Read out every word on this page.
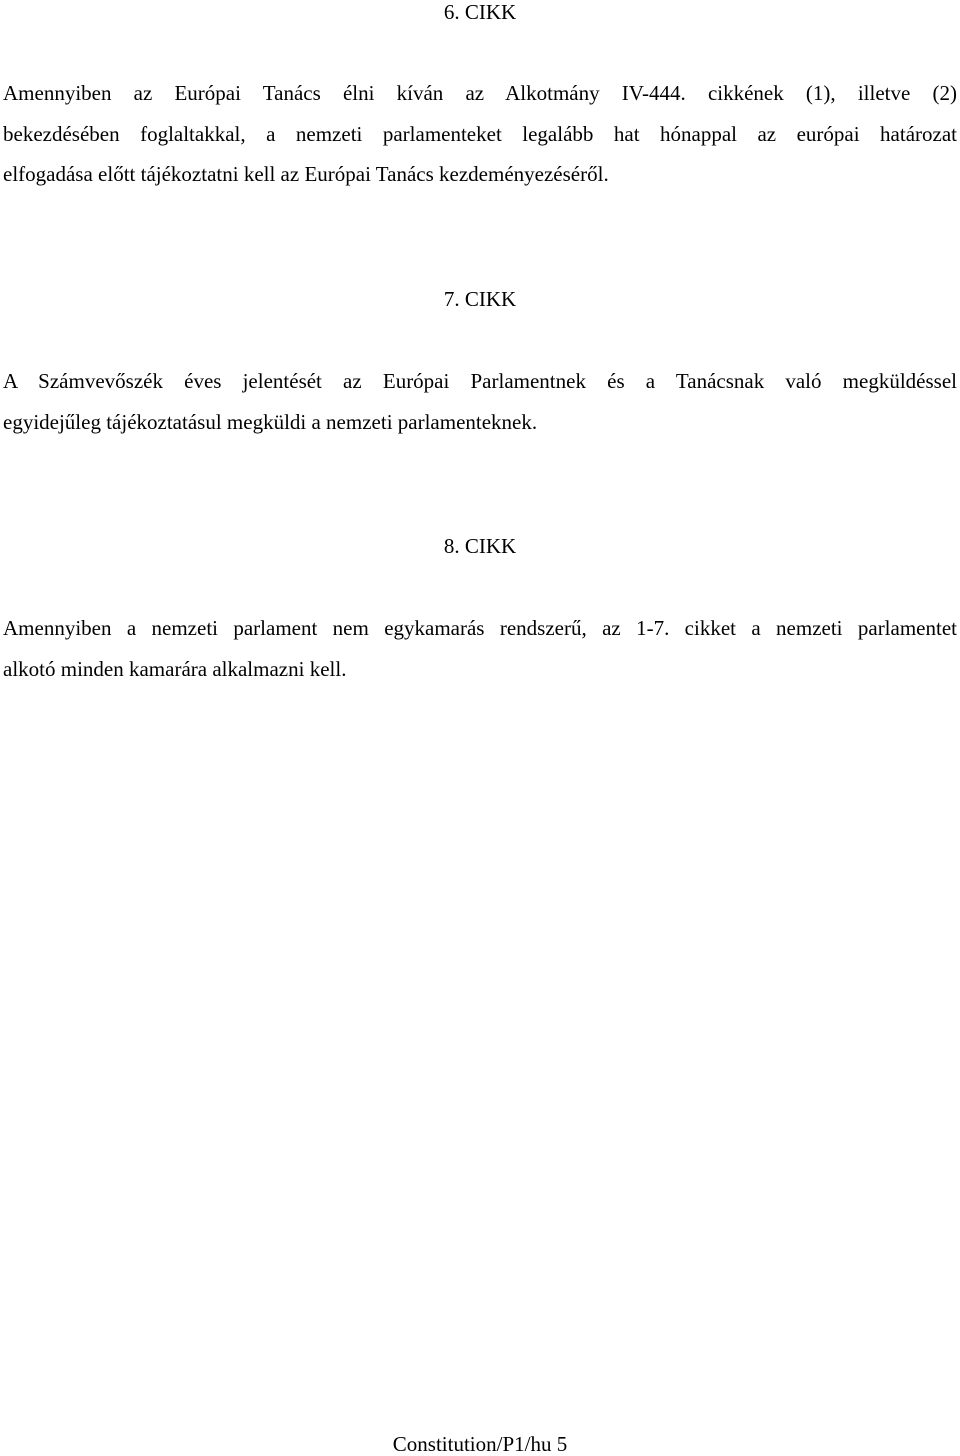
6. CIKK
Amennyiben az Európai Tanács élni kíván az Alkotmány IV-444. cikkének (1), illetve (2)
bekezdésében foglaltakkal, a nemzeti parlamenteket legalább hat hónappal az európai határozat
elfogadása előtt tájékoztatni kell az Európai Tanács kezdeményezéséről.
7. CIKK
A Számvevőszék éves jelentését az Európai Parlamentnek és a Tanácsnak való megküldéssel
egyidejűleg tájékoztatásul megküldi a nemzeti parlamenteknek.
8. CIKK
Amennyiben a nemzeti parlament nem egykamarás rendszerű, az 1-7. cikket a nemzeti parlamentet
alkotó minden kamarára alkalmazni kell.
Constitution/P1/hu 5
